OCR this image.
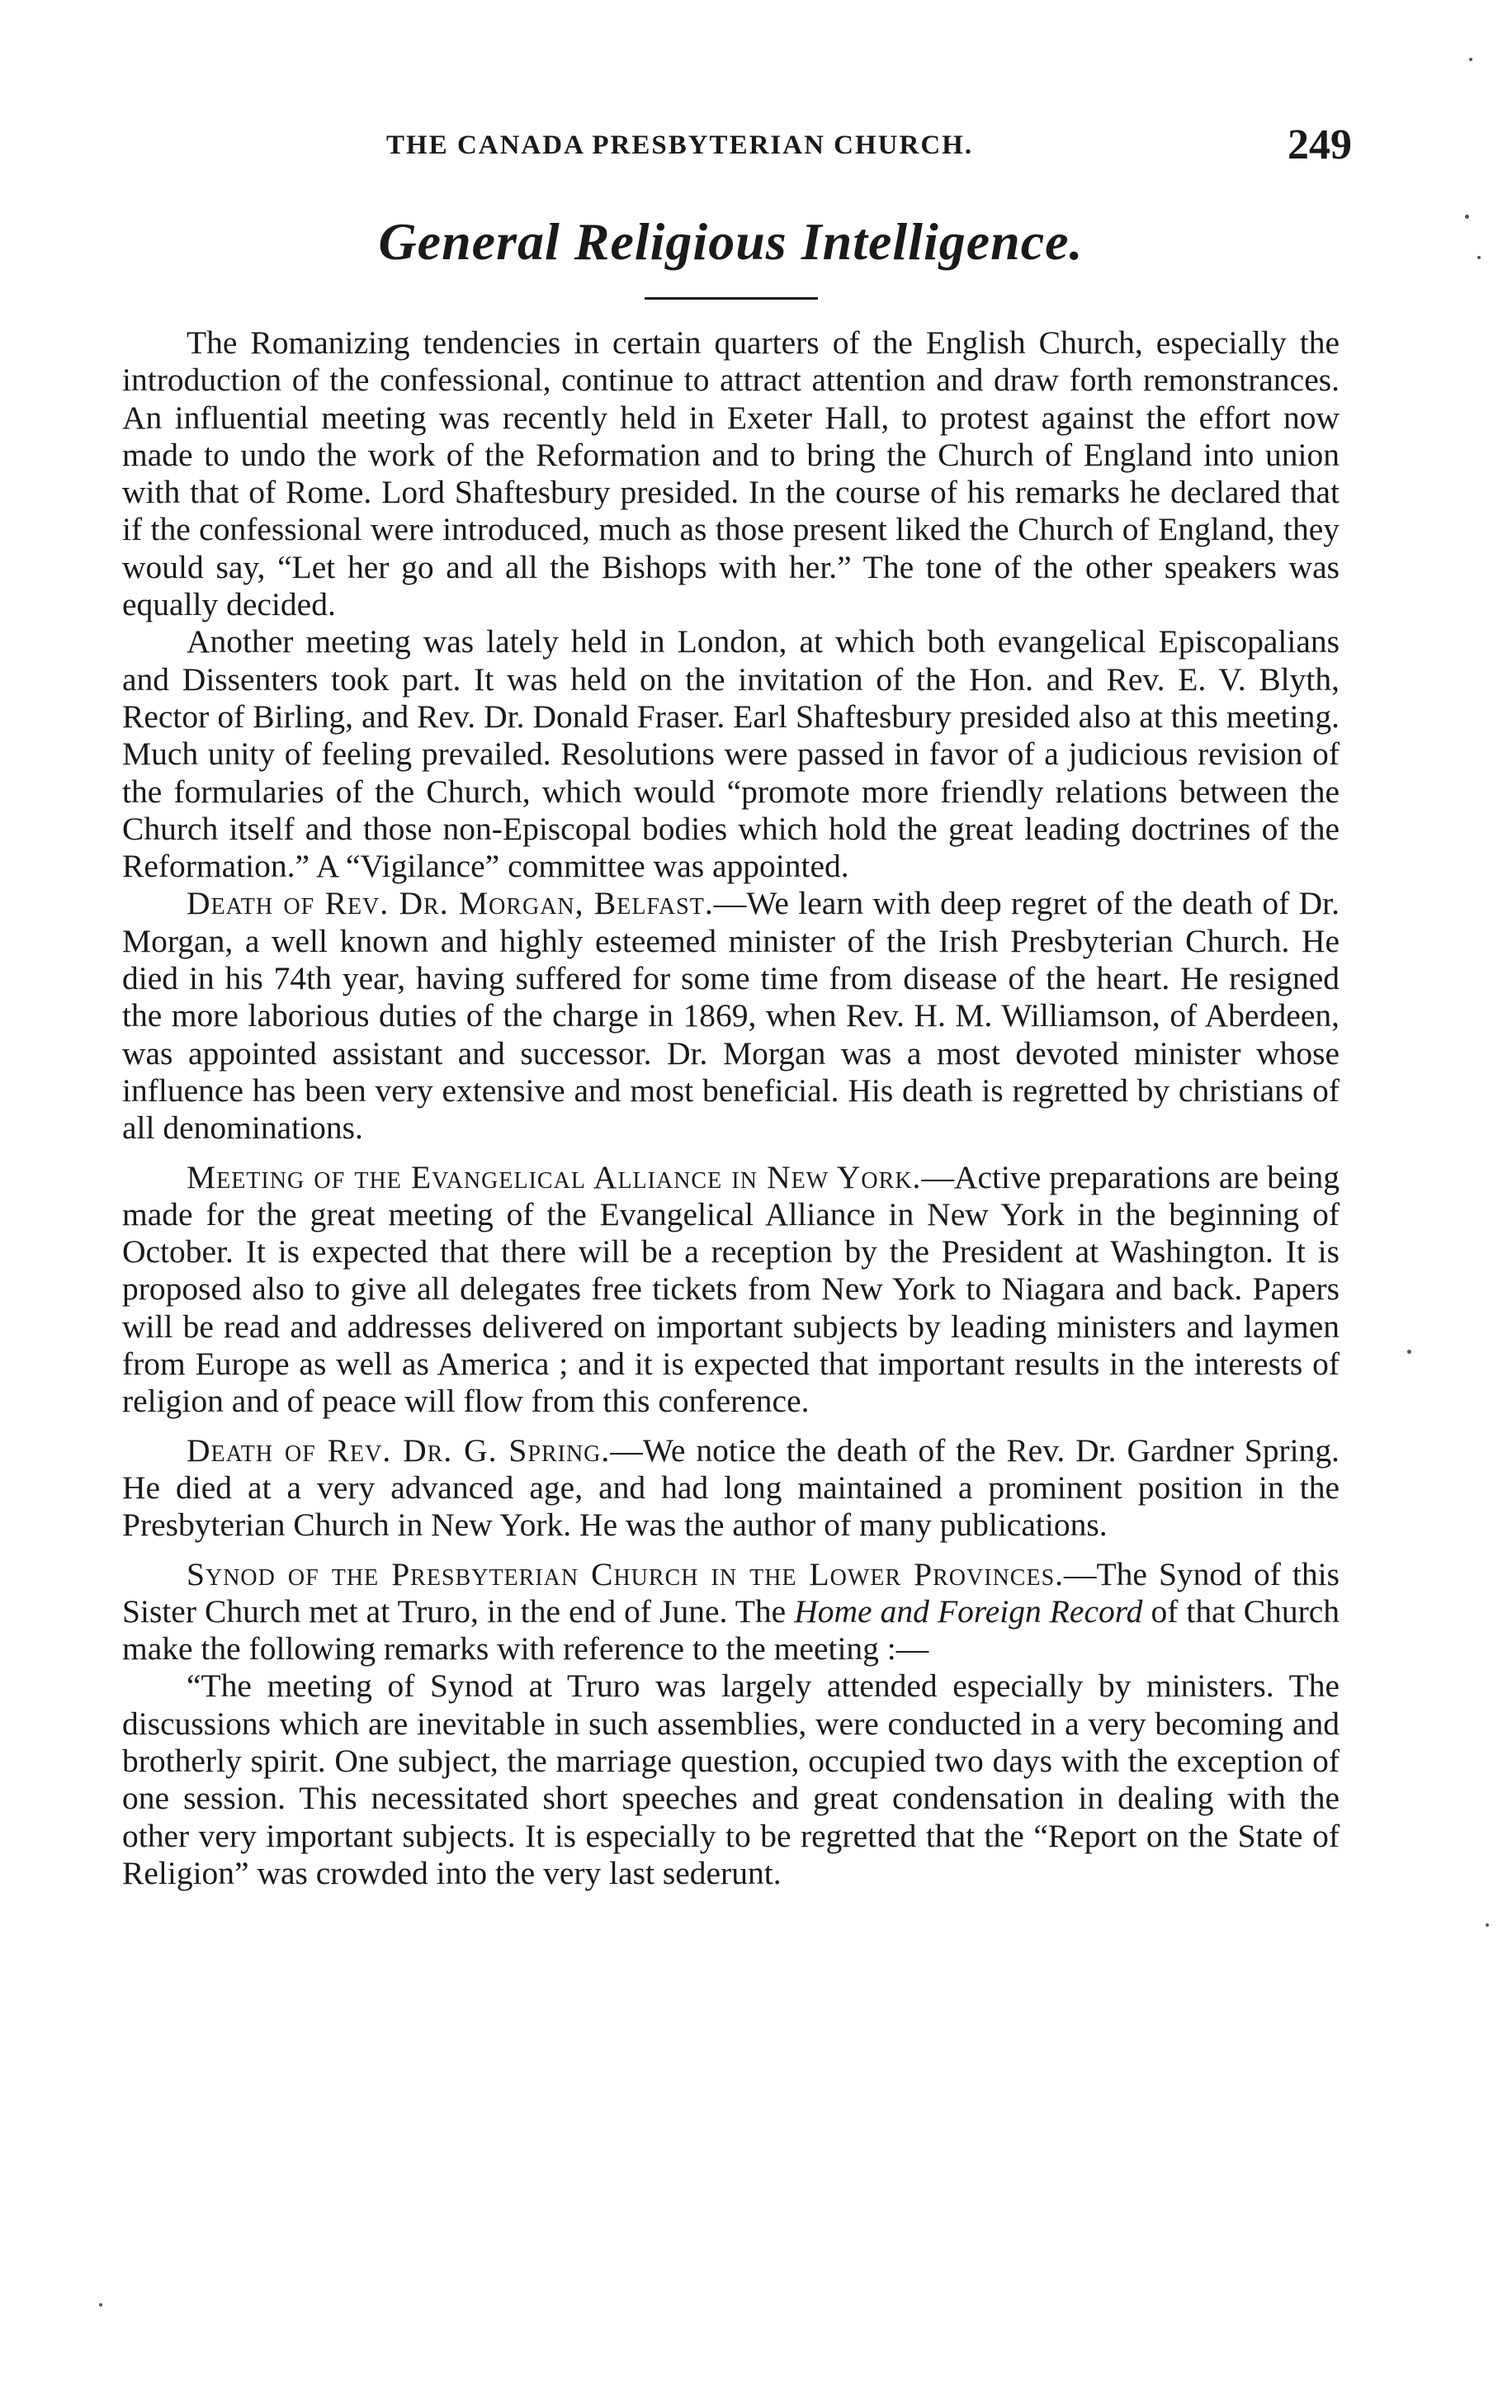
THE CANADA PRESBYTERIAN CHURCH.	249
General Religious Intelligence.

The Romanizing tendencies in certain quarters of the English Church, especially the introduction of the confessional, continue to attract attention and draw forth remonstrances. An influential meeting was recently held in Exeter Hall, to protest against the effort now made to undo the work of the Reformation and to bring the Church of England into union with that of Rome. Lord Shaftesbury presided. In the course of his remarks he declared that if the confessional were introduced, much as those present liked the Church of England, they would say, “Let her go and all the Bishops with her.” The tone of the other speakers was equally decided.

Another meeting was lately held in London, at which both evangelical Episcopalians and Dissenters took part. It was held on the invitation of the Hon. and Rev. E. V. Blyth, Rector of Birling, and Rev. Dr. Donald Fraser. Earl Shaftesbury presided also at this meeting. Much unity of feeling prevailed. Resolutions were passed in favor of a judicious revision of the formularies of the Church, which would “promote more friendly relations between the Church itself and those non-Episcopal bodies which hold the great leading doctrines of the Reformation.” A “Vigilance” committee was appointed.

Death of Rev. Dr. Morgan, Belfast.—We learn with deep regret of the death of Dr. Morgan, a well known and highly esteemed minister of the Irish Presbyterian Church. He died in his 74th year, having suffered for some time from disease of the heart. He resigned the more laborious duties of the charge in 1869, when Rev. H. M. Williamson, of Aberdeen, was appointed assistant and successor. Dr. Morgan was a most devoted minister whose influence has been very extensive and most beneficial. His death is regretted by christians of all denominations.

Meeting of the Evangelical Alliance in New York.—Active preparations are being made for the great meeting of the Evangelical Alliance in New York in the beginning of October. It is expected that there will be a reception by the President at Washington. It is proposed also to give all delegates free tickets from New York to Niagara and back. Papers will be read and addresses delivered on important subjects by leading ministers and laymen from Europe as well as America ; and it is expected that important results in the interests of religion and of peace will flow from this conference.

Death of Rev. Dr. G. Spring.—We notice the death of the Rev. Dr. Gardner Spring. He died at a very advanced age, and had long maintained a prominent position in the Presbyterian Church in New York. He was the author of many publications.

Synod of the Presbyterian Church in the Lower Provinces.—The Synod of this Sister Church met at Truro, in the end of June. The Home and Foreign Record of that Church make the following remarks with reference to the meeting :—

“The meeting of Synod at Truro was largely attended especially by ministers. The discussions which are inevitable in such assemblies, were conducted in a very becoming and brotherly spirit. One subject, the marriage question, occupied two days with the exception of one session. This necessitated short speeches and great condensation in dealing with the other very important subjects. It is especially to be regretted that the “Report on the State of Religion” was crowded into the very last sederunt.
